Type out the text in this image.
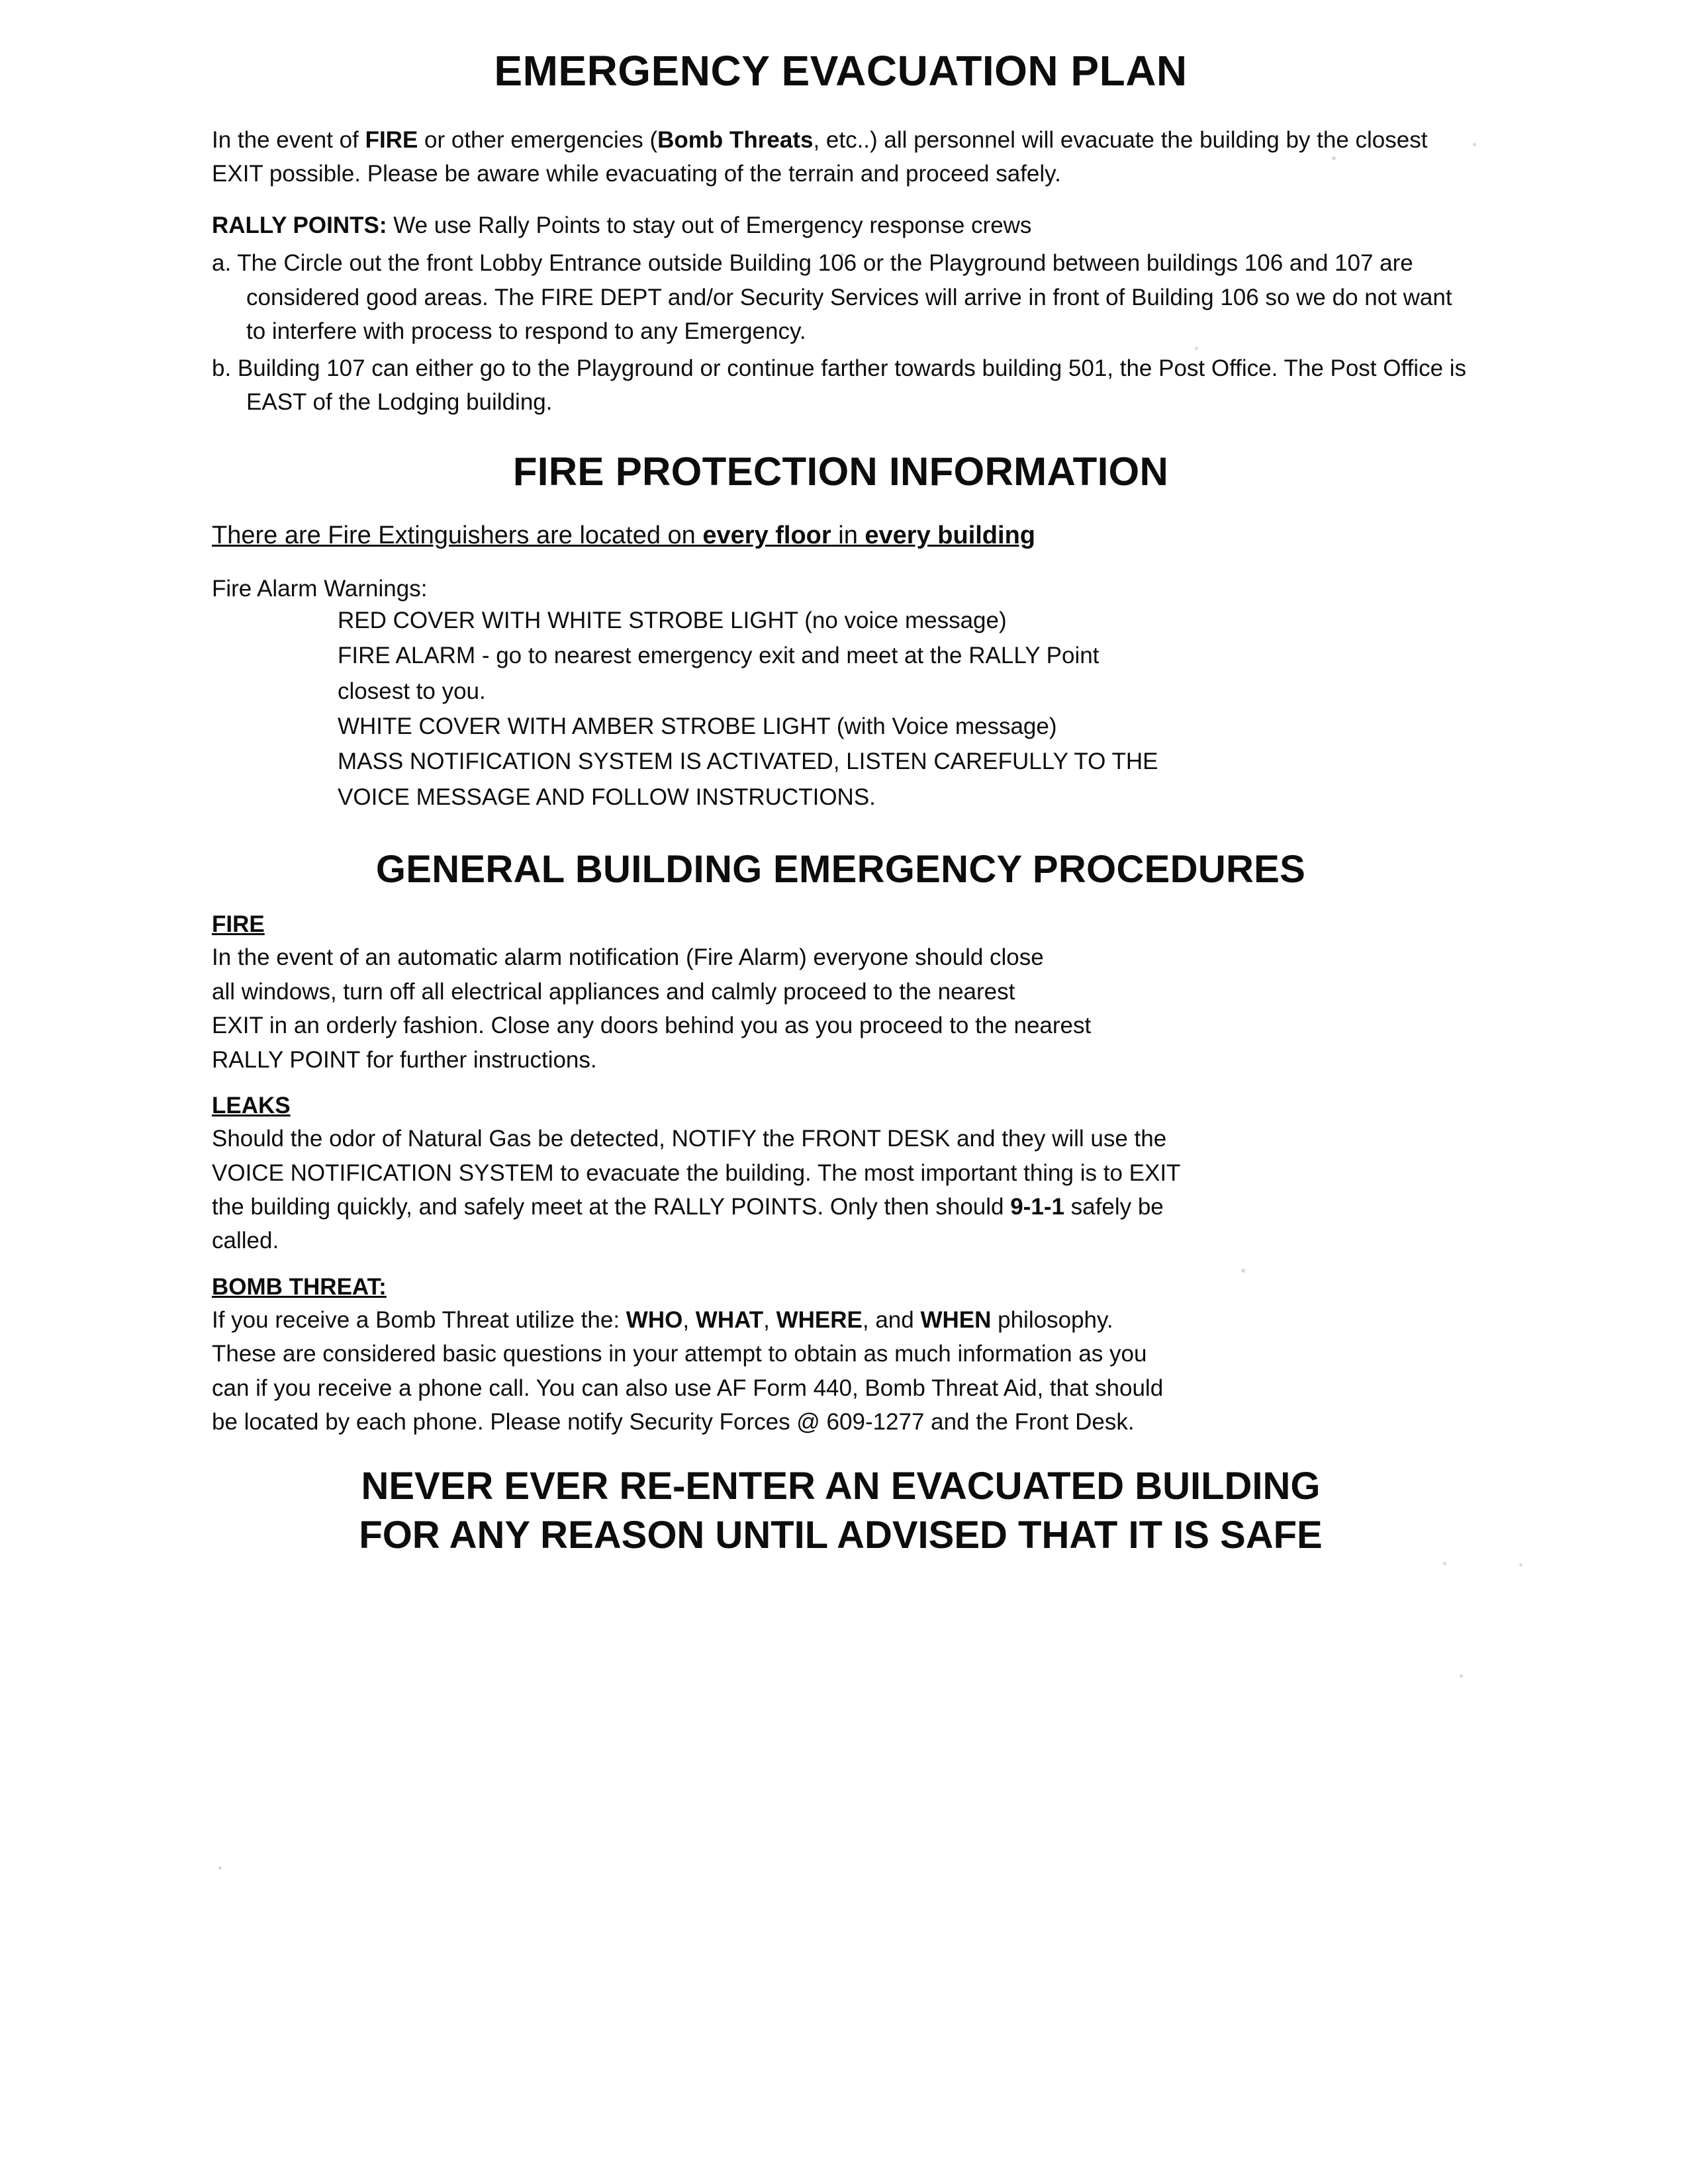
EMERGENCY EVACUATION PLAN

In the event of FIRE or other emergencies (Bomb Threats, etc..) all personnel will evacuate the building by the closest EXIT possible. Please be aware while evacuating of the terrain and proceed safely.

RALLY POINTS: We use Rally Points to stay out of Emergency response crews

a. The Circle out the front Lobby Entrance outside Building 106 or the Playground between buildings 106 and 107 are considered good areas. The FIRE DEPT and/or Security Services will arrive in front of Building 106 so we do not want to interfere with process to respond to any Emergency.

b. Building 107 can either go to the Playground or continue farther towards building 501, the Post Office. The Post Office is EAST of the Lodging building.

FIRE PROTECTION INFORMATION

There are Fire Extinguishers are located on every floor in every building

Fire Alarm Warnings:

RED COVER WITH WHITE STROBE LIGHT (no voice message)

FIRE ALARM - go to nearest emergency exit and meet at the RALLY Point

closest to you.

WHITE COVER WITH AMBER STROBE LIGHT (with Voice message)

MASS NOTIFICATION SYSTEM IS ACTIVATED, LISTEN CAREFULLY TO THE

VOICE MESSAGE AND FOLLOW INSTRUCTIONS.

GENERAL BUILDING EMERGENCY PROCEDURES

FIRE

In the event of an automatic alarm notification (Fire Alarm) everyone should close

all windows, turn off all electrical appliances and calmly proceed to the nearest

EXIT in an orderly fashion. Close any doors behind you as you proceed to the nearest

RALLY POINT for further instructions.

LEAKS

Should the odor of Natural Gas be detected, NOTIFY the FRONT DESK and they will use the

VOICE NOTIFICATION SYSTEM to evacuate the building. The most important thing is to EXIT

the building quickly, and safely meet at the RALLY POINTS. Only then should 9-1-1 safely be

called.

BOMB THREAT:

If you receive a Bomb Threat utilize the: WHO, WHAT, WHERE, and WHEN philosophy.

These are considered basic questions in your attempt to obtain as much information as you

can if you receive a phone call. You can also use AF Form 440, Bomb Threat Aid, that should

be located by each phone. Please notify Security Forces @ 609-1277 and the Front Desk.

NEVER EVER RE-ENTER AN EVACUATED BUILDING

FOR ANY REASON UNTIL ADVISED THAT IT IS SAFE
